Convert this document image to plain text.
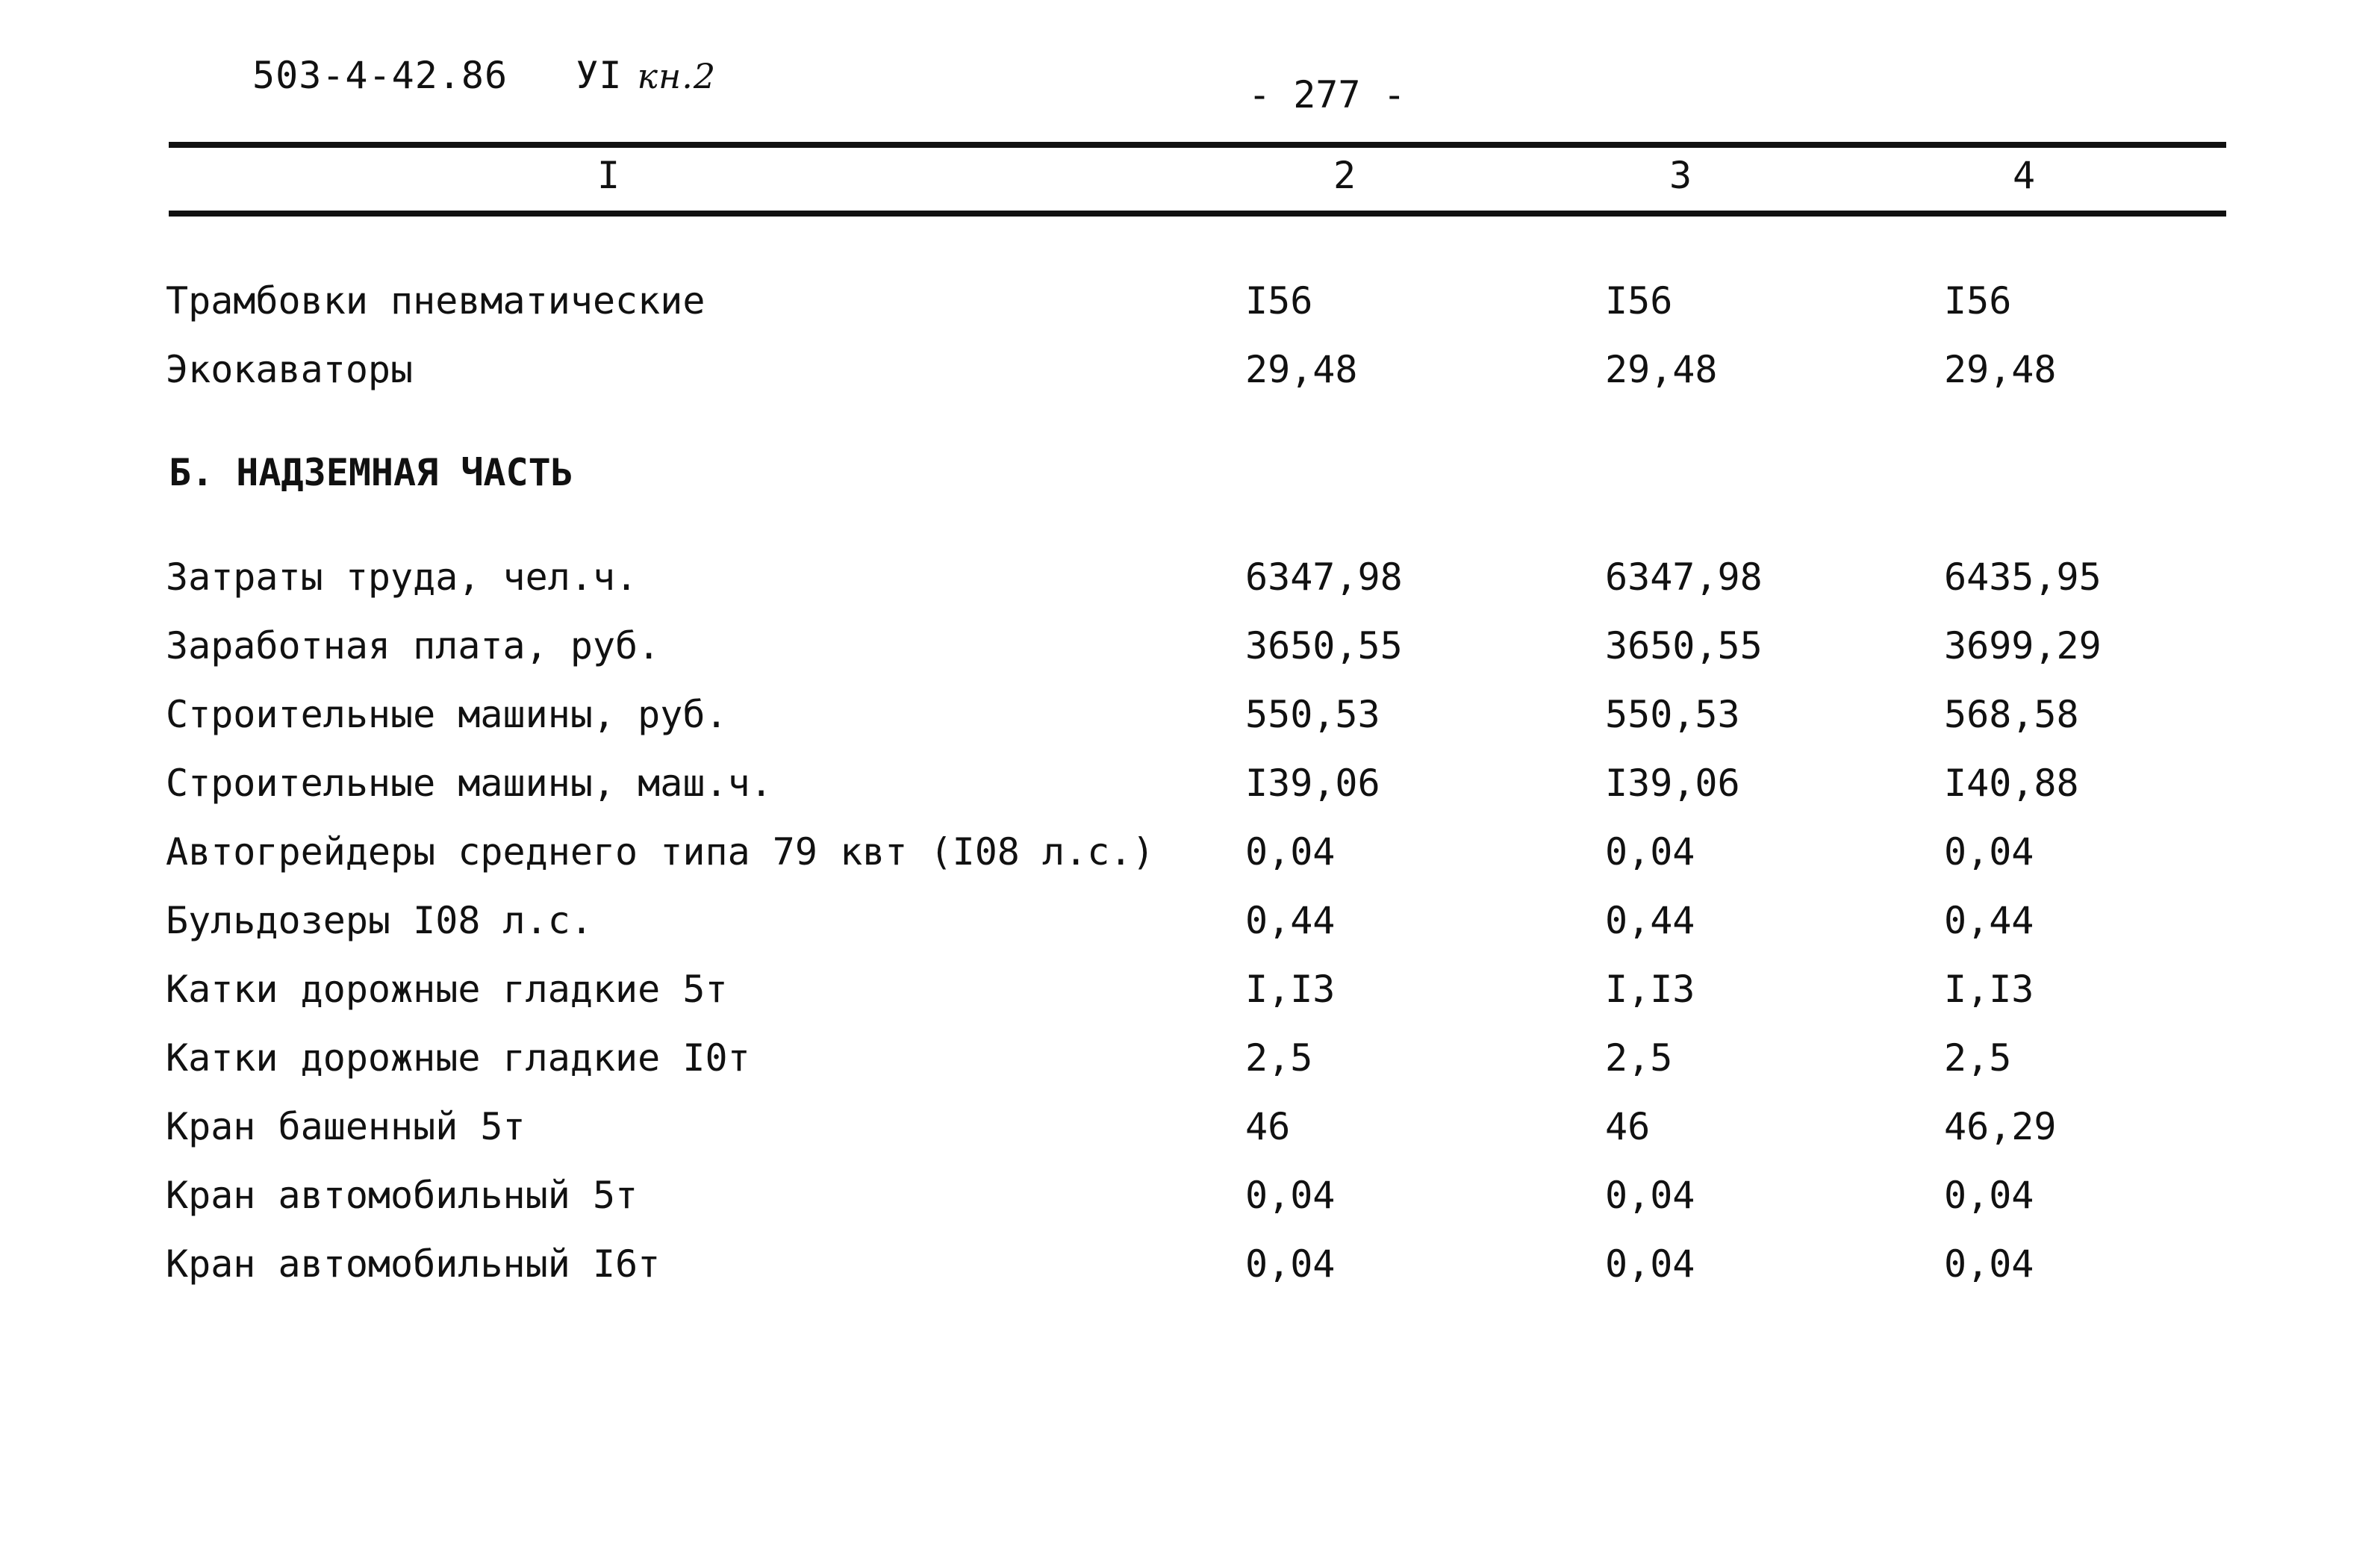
503-4-42.86 УI кн.2	- 277 -
I	2	3	4
Трамбовки пневматические	I56	I56	I56
Экокаваторы	29,48	29,48	29,48
Б. НАДЗЕМНАЯ ЧАСТЬ
Затраты труда, чел.ч.	6347,98	6347,98	6435,95
Заработная плата, руб.	3650,55	3650,55	3699,29
Строительные машины, руб.	550,53	550,53	568,58
Строительные машины, маш.ч.	I39,06	I39,06	I40,88
Автогрейдеры среднего типа 79 квт (I08 л.с.) 0,04	0,04	0,04
Бульдозеры I08 л.с.	0,44	0,44	0,44
Катки дорожные гладкие 5т	I,I3	I,I3	I,I3
Катки дорожные гладкие I0т	2,5	2,5	2,5
Кран башенный 5т	46	46	46,29
Кран автомобильный 5т	0,04	0,04	0,04
Кран автомобильный I6т	0,04	0,04	0,04
